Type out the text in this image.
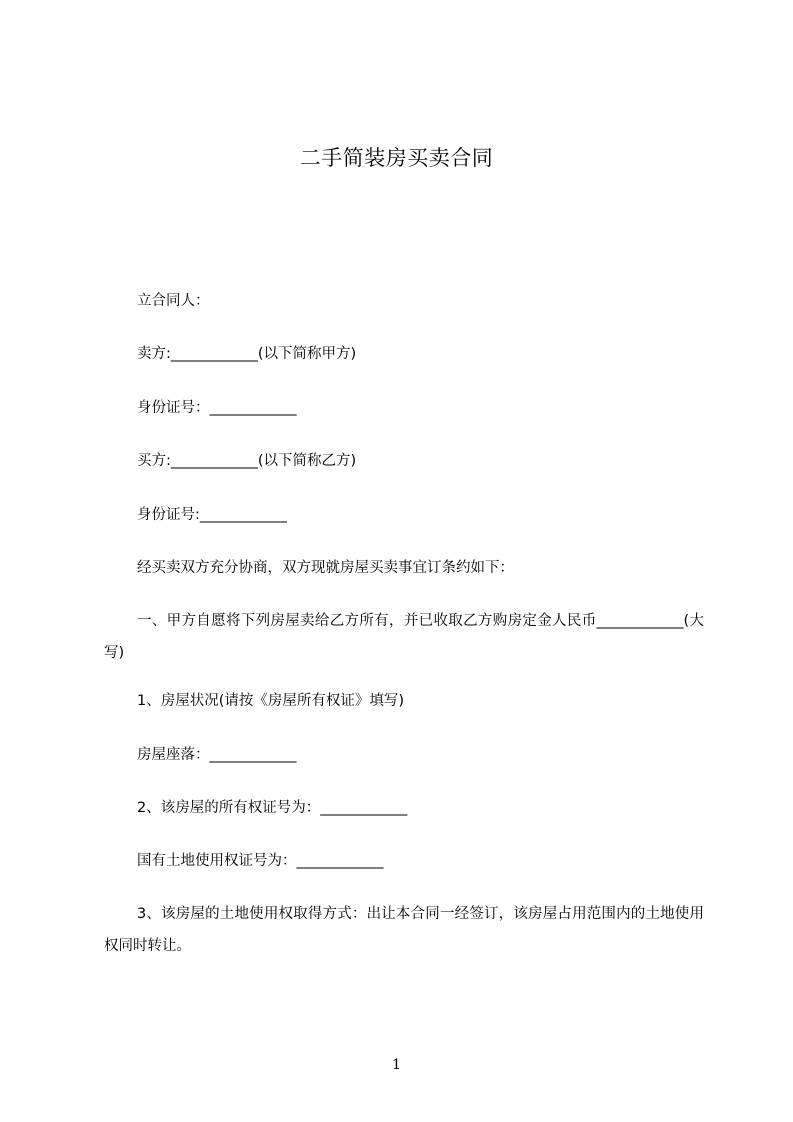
二手简装房买卖合同

立合同人：

卖方:____________(以下简称甲方)

身份证号：____________

买方:____________(以下简称乙方)

身份证号:____________

经买卖双方充分协商，双方现就房屋买卖事宜订条约如下：

一、甲方自愿将下列房屋卖给乙方所有，并已收取乙方购房定金人民币____________(大写)

1、房屋状况(请按《房屋所有权证》填写)

房屋座落：____________

2、该房屋的所有权证号为：____________

国有土地使用权证号为：____________

3、该房屋的土地使用权取得方式：出让本合同一经签订，该房屋占用范围内的土地使用权同时转让。

1
